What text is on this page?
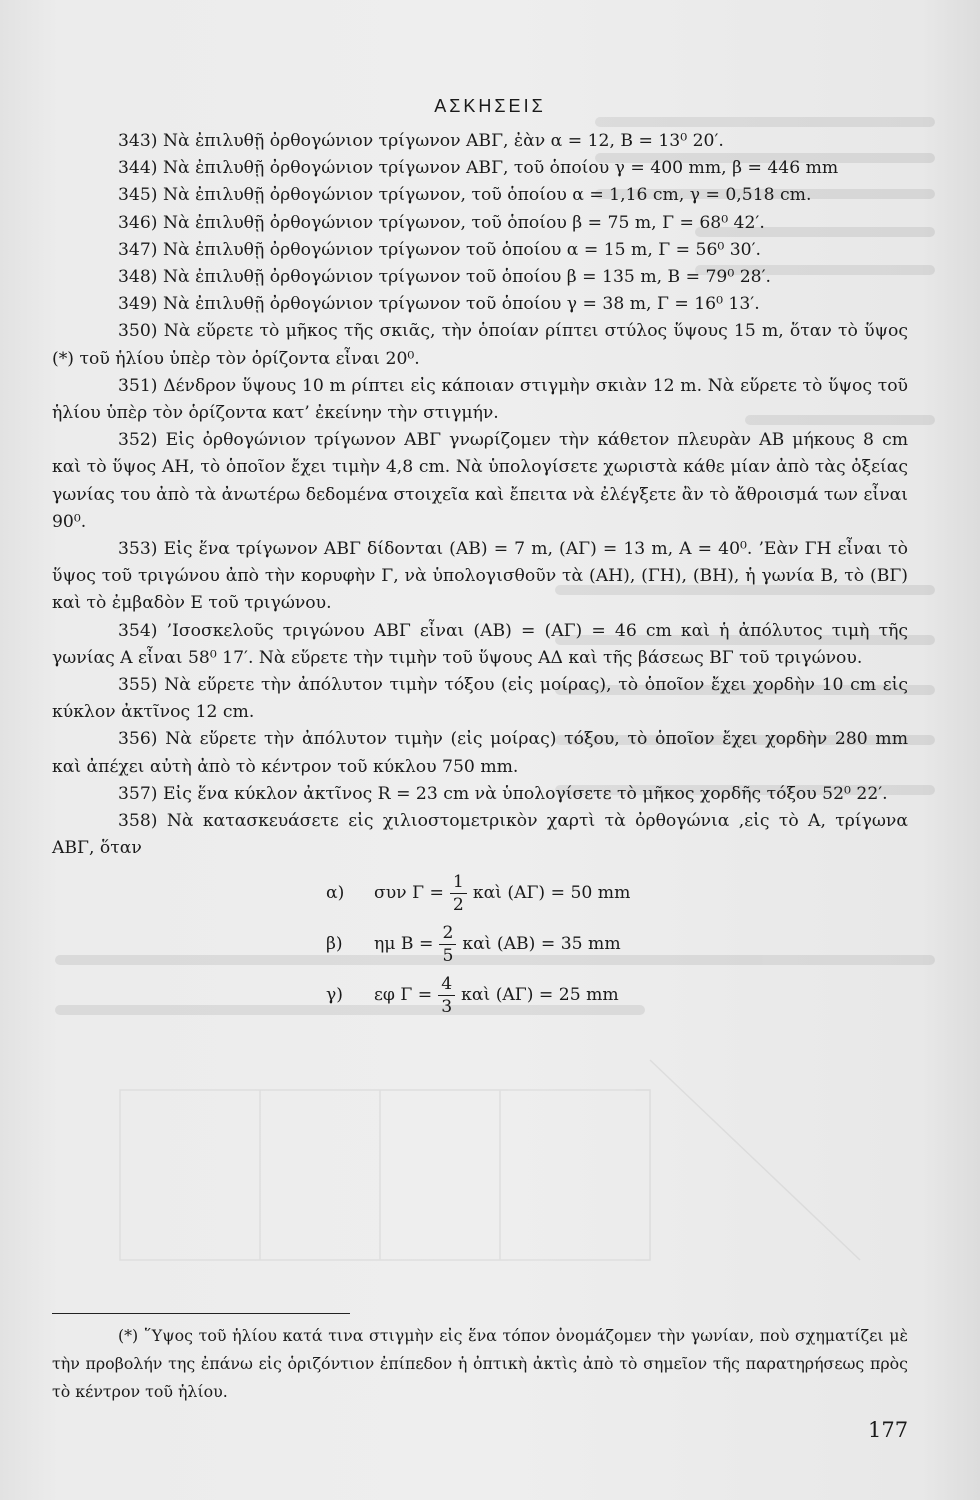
ΑΣΚΗΣΕΙΣ

343) Νὰ ἐπιλυθῇ ὀρθογώνιον τρίγωνον ΑΒΓ, ἐὰν α = 12, Β = 13⁰ 20′.

344) Νὰ ἐπιλυθῇ ὀρθογώνιον τρίγωνον ΑΒΓ, τοῦ ὁποίου γ = 400 mm, β = 446 mm

345) Νὰ ἐπιλυθῇ ὀρθογώνιον τρίγωνον, τοῦ ὁποίου α = 1,16 cm, γ = 0,518 cm.

346) Νὰ ἐπιλυθῇ ὀρθογώνιον τρίγωνον, τοῦ ὁποίου β = 75 m, Γ = 68⁰ 42′.

347) Νὰ ἐπιλυθῇ ὀρθογώνιον τρίγωνον τοῦ ὁποίου α = 15 m, Γ = 56⁰ 30′.

348) Νὰ ἐπιλυθῇ ὀρθογώνιον τρίγωνον τοῦ ὁποίου β = 135 m, Β = 79⁰ 28′.

349) Νὰ ἐπιλυθῇ ὀρθογώνιον τρίγωνον τοῦ ὁποίου γ = 38 m, Γ = 16⁰ 13′.

350) Νὰ εὕρετε τὸ μῆκος τῆς σκιᾶς, τὴν ὁποίαν ρίπτει στύλος ὕψους 15 m, ὅταν τὸ ὕψος (*) τοῦ ἡλίου ὑπὲρ τὸν ὁρίζοντα εἶναι 20⁰.

351) Δένδρον ὕψους 10 m ρίπτει εἰς κάποιαν στιγμὴν σκιὰν 12 m. Νὰ εὕρετε τὸ ὕψος τοῦ ἡλίου ὑπὲρ τὸν ὁρίζοντα κατ’ ἐκείνην τὴν στιγμήν.

352) Εἰς ὀρθογώνιον τρίγωνον ΑΒΓ γνωρίζομεν τὴν κάθετον πλευρὰν ΑΒ μήκους 8 cm καὶ τὸ ὕψος ΑΗ, τὸ ὁποῖον ἔχει τιμὴν 4,8 cm. Νὰ ὑπολογίσετε χωριστὰ κάθε μίαν ἀπὸ τὰς ὀξείας γωνίας του ἀπὸ τὰ ἀνωτέρω δεδομένα στοιχεῖα καὶ ἔπειτα νὰ ἐλέγξετε ἂν τὸ ἄθροισμά των εἶναι 90⁰.

353) Εἰς ἕνα τρίγωνον ΑΒΓ δίδονται (ΑΒ) = 7 m, (ΑΓ) = 13 m, Α = 40⁰. ’Εὰν ΓΗ εἶναι τὸ ὕψος τοῦ τριγώνου ἀπὸ τὴν κορυφὴν Γ, νὰ ὑπολογισθοῦν τὰ (ΑΗ), (ΓΗ), (ΒΗ), ἡ γωνία Β, τὸ (ΒΓ) καὶ τὸ ἐμβαδὸν Ε τοῦ τριγώνου.

354) ’Ισοσκελοῦς τριγώνου ΑΒΓ εἶναι (ΑΒ) = (ΑΓ) = 46 cm καὶ ἡ ἀπόλυτος τιμὴ τῆς γωνίας Α εἶναι 58⁰ 17′. Νὰ εὕρετε τὴν τιμὴν τοῦ ὕψους ΑΔ καὶ τῆς βάσεως ΒΓ τοῦ τριγώνου.

355) Νὰ εὕρετε τὴν ἀπόλυτον τιμὴν τόξου (εἰς μοίρας), τὸ ὁποῖον ἔχει χορδὴν 10 cm εἰς κύκλον ἀκτῖνος 12 cm.

356) Νὰ εὕρετε τὴν ἀπόλυτον τιμὴν (εἰς μοίρας) τόξου, τὸ ὁποῖον ἔχει χορδὴν 280 mm καὶ ἀπέχει αὐτὴ ἀπὸ τὸ κέντρον τοῦ κύκλου 750 mm.

357) Εἰς ἕνα κύκλον ἀκτῖνος R = 23 cm νὰ ὑπολογίσετε τὸ μῆκος χορδῆς τόξου 52⁰ 22′.

358) Νὰ κατασκευάσετε εἰς χιλιοστομετρικὸν χαρτὶ τὰ ὀρθογώνια ,εἰς τὸ Α, τρίγωνα ΑΒΓ, ὅταν

α)	συν $\Gamma = \frac{1}{2}$ καὶ (ΑΓ) = 50 mm
β)	ημ $B = \frac{2}{5}$ καὶ (ΑΒ) = 35 mm
γ)	εφ $\Gamma = \frac{4}{3}$ καὶ (ΑΓ) = 25 mm

(*) ῞Υψος τοῦ ἡλίου κατά τινα στιγμὴν εἰς ἕνα τόπον ὀνομάζομεν τὴν γωνίαν, ποὺ σχηματίζει μὲ τὴν προβολήν της ἐπάνω εἰς ὁριζόντιον ἐπίπεδον ἡ ὀπτικὴ ἀκτὶς ἀπὸ τὸ σημεῖον τῆς παρατηρήσεως πρὸς τὸ κέντρον τοῦ ἡλίου.

177
